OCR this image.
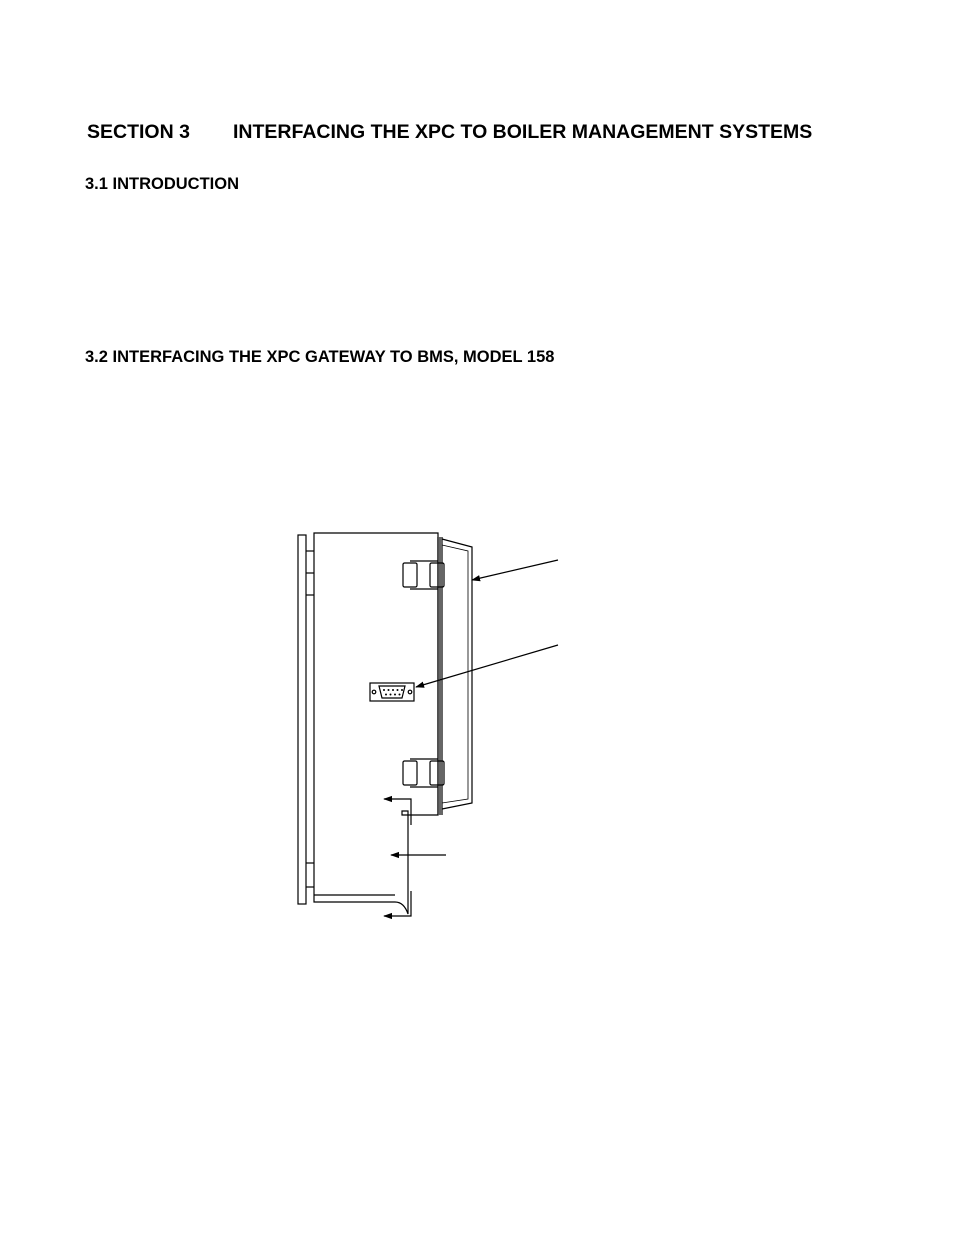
SECTION 3 INTERFACING THE XPC TO BOILER MANAGEMENT SYSTEMS
3.1 INTRODUCTION
3.2 INTERFACING THE XPC GATEWAY TO BMS, MODEL 158
